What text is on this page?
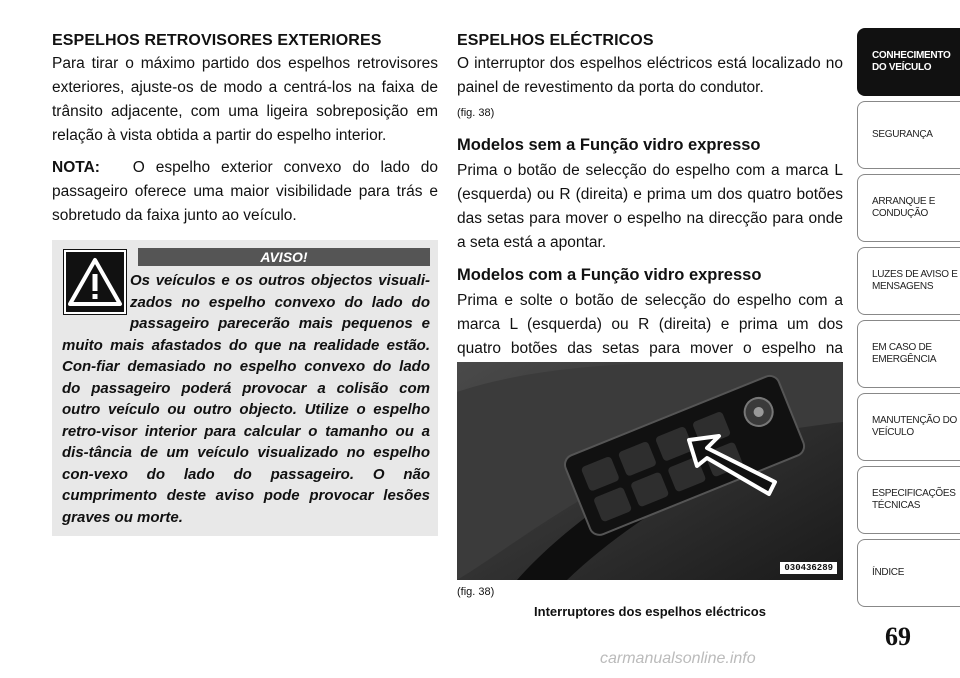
ESPELHOS RETROVISORES EXTERIORES

Para tirar o máximo partido dos espelhos retrovisores exteriores, ajuste-os de modo a centrá-los na faixa de trânsito adjacente, com uma ligeira sobreposição em relação à vista obtida a partir do espelho interior.

NOTA: O espelho exterior convexo do lado do passageiro oferece uma maior visibilidade para trás e sobretudo da faixa junto ao veículo.

AVISO!
Os veículos e os outros objectos visuali-zados no espelho convexo do lado do passageiro parecerão mais pequenos e muito mais afastados do que na realidade estão. Con-fiar demasiado no espelho convexo do lado do passageiro poderá provocar a colisão com outro veículo ou outro objecto. Utilize o espelho retro-visor interior para calcular o tamanho ou a dis-tância de um veículo visualizado no espelho con-vexo do lado do passageiro. O não cumprimento deste aviso pode provocar lesões graves ou morte.
ESPELHOS ELÉCTRICOS

O interruptor dos espelhos eléctricos está localizado no painel de revestimento da porta do condutor.
(fig. 38)

Modelos sem a Função vidro expresso

Prima o botão de selecção do espelho com a marca L (esquerda) ou R (direita) e prima um dos quatro botões das setas para mover o espelho na direcção para onde a seta está a apontar.

Modelos com a Função vidro expresso

Prima e solte o botão de selecção do espelho com a marca L (esquerda) ou R (direita) e prima um dos quatro botões das setas para mover o espelho na

030436289
(fig. 38)
Interruptores dos espelhos eléctricos
CONHECIMENTO DO VEÍCULO
SEGURANÇA
ARRANQUE E CONDUÇÃO
LUZES DE AVISO E MENSAGENS
EM CASO DE EMERGÊNCIA
MANUTENÇÃO DO VEÍCULO
ESPECIFICAÇÕES TÉCNICAS
ÍNDICE
69
carmanualsonline.info
